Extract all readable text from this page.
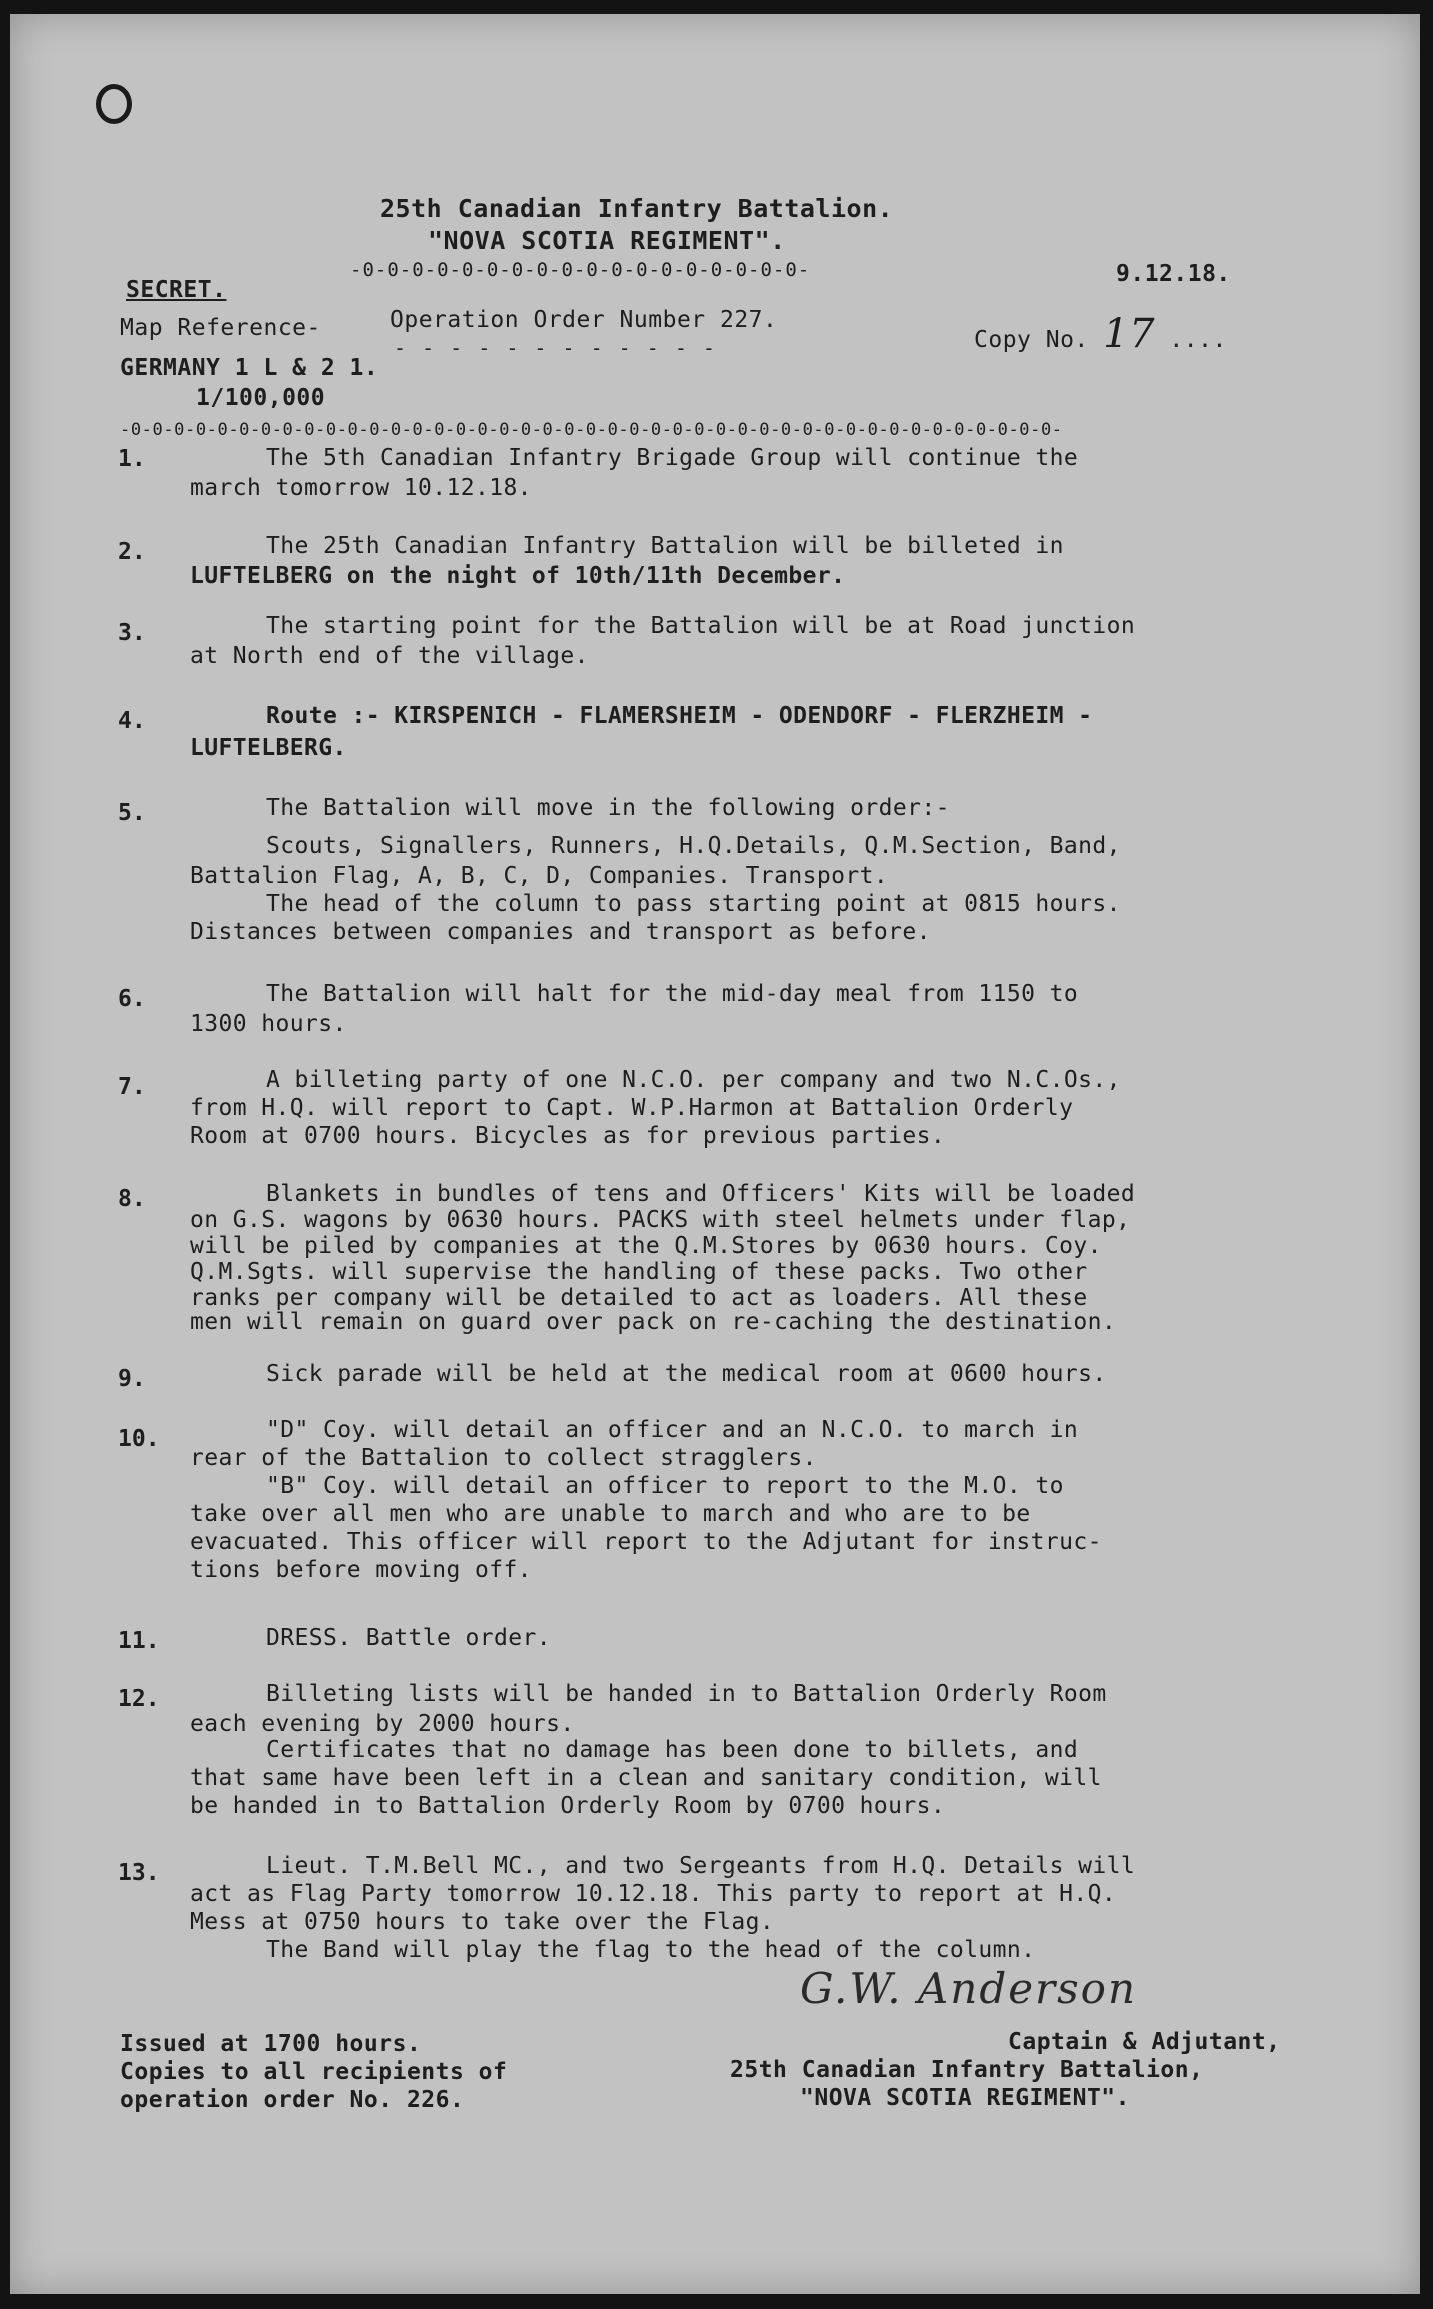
25th Canadian Infantry Battalion.
"NOVA SCOTIA REGIMENT".
-0-0-0-0-0-0-0-0-0-0-0-0-0-0-0-0-0-0-
SECRET.
9.12.18.
Map Reference-	Operation Order Number 227.
- - - - - - - - - - - -	Copy No. 17 ....
GERMANY 1 L & 2 1.
1/100,000
-0-0-0-0-0-0-0-0-0-0-0-0-0-0-0-0-0-0-0-0-0-0-0-0-0-0-0-0-0-0-0-0-0-0-0-0-0-0-0-0-0-0-0-
1.	The 5th Canadian Infantry Brigade Group will continue the
march tomorrow 10.12.18.
2.	The 25th Canadian Infantry Battalion will be billeted in
LUFTELBERG on the night of 10th/11th December.
3.	The starting point for the Battalion will be at Road junction
at North end of the village.
4.	Route :- KIRSPENICH - FLAMERSHEIM - ODENDORF - FLERZHEIM -
LUFTELBERG.
5.	The Battalion will move in the following order:-
Scouts, Signallers, Runners, H.Q.Details, Q.M.Section, Band,
Battalion Flag, A, B, C, D, Companies. Transport.
The head of the column to pass starting point at 0815 hours.
Distances between companies and transport as before.
6.	The Battalion will halt for the mid-day meal from 1150 to
1300 hours.
7.	A billeting party of one N.C.O. per company and two N.C.Os.,
from H.Q. will report to Capt. W.P.Harmon at Battalion Orderly
Room at 0700 hours. Bicycles as for previous parties.
8.	Blankets in bundles of tens and Officers' Kits will be loaded
on G.S. wagons by 0630 hours. PACKS with steel helmets under flap,
will be piled by companies at the Q.M.Stores by 0630 hours. Coy.
Q.M.Sgts. will supervise the handling of these packs. Two other
ranks per company will be detailed to act as loaders. All these
men will remain on guard over pack on re-caching the destination.
9.	Sick parade will be held at the medical room at 0600 hours.
10.	"D" Coy. will detail an officer and an N.C.O. to march in
rear of the Battalion to collect stragglers.
"B" Coy. will detail an officer to report to the M.O. to
take over all men who are unable to march and who are to be
evacuated. This officer will report to the Adjutant for instruc-
tions before moving off.
11.	DRESS. Battle order.
12.	Billeting lists will be handed in to Battalion Orderly Room
each evening by 2000 hours.
Certificates that no damage has been done to billets, and
that same have been left in a clean and sanitary condition, will
be handed in to Battalion Orderly Room by 0700 hours.
13.	Lieut. T.M.Bell MC., and two Sergeants from H.Q. Details will
act as Flag Party tomorrow 10.12.18. This party to report at H.Q.
Mess at 0750 hours to take over the Flag.
The Band will play the flag to the head of the column.
G.W. Anderson
Captain & Adjutant,
25th Canadian Infantry Battalion,
"NOVA SCOTIA REGIMENT".
Issued at 1700 hours.
Copies to all recipients of
operation order No. 226.
